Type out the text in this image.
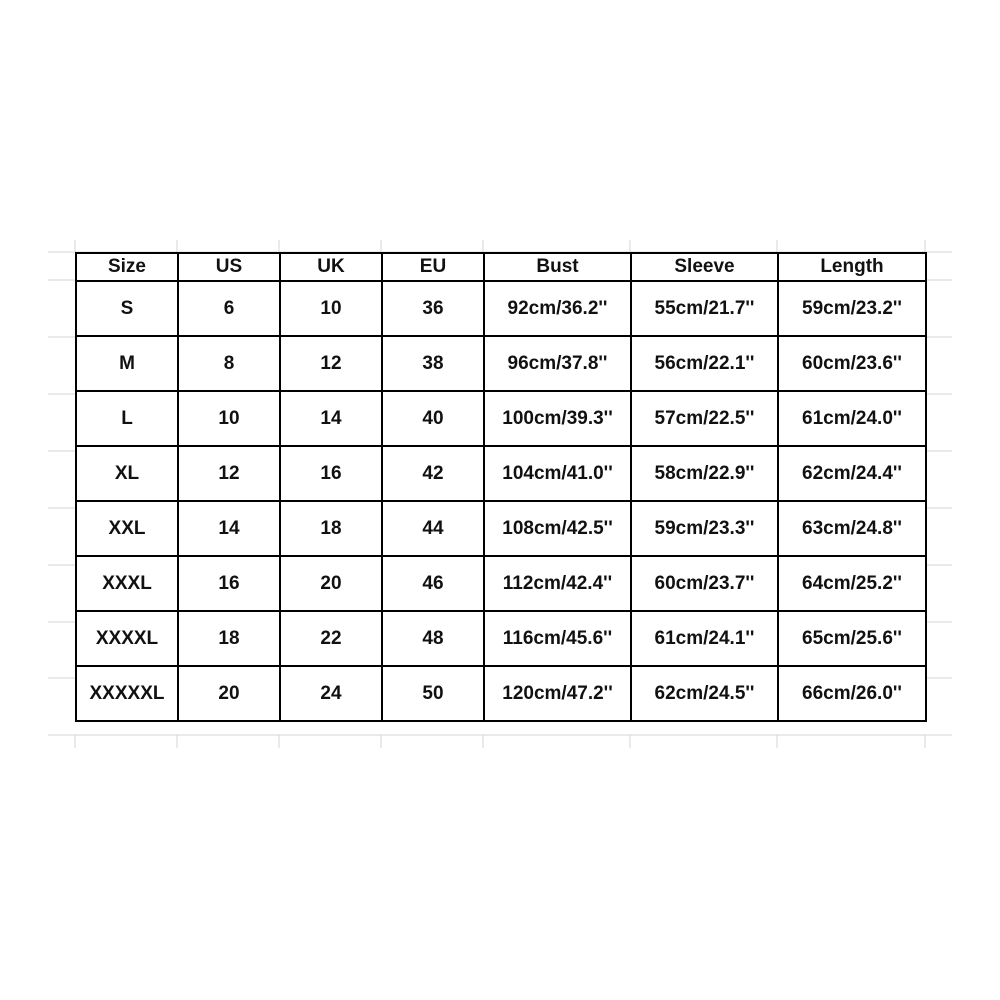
Size	US	UK	EU	Bust	Sleeve	Length
S	6	10	36	92cm/36.2''	55cm/21.7''	59cm/23.2''
M	8	12	38	96cm/37.8''	56cm/22.1''	60cm/23.6''
L	10	14	40	100cm/39.3''	57cm/22.5''	61cm/24.0''
XL	12	16	42	104cm/41.0''	58cm/22.9''	62cm/24.4''
XXL	14	18	44	108cm/42.5''	59cm/23.3''	63cm/24.8''
XXXL	16	20	46	112cm/42.4''	60cm/23.7''	64cm/25.2''
XXXXL	18	22	48	116cm/45.6''	61cm/24.1''	65cm/25.6''
XXXXXL	20	24	50	120cm/47.2''	62cm/24.5''	66cm/26.0''
